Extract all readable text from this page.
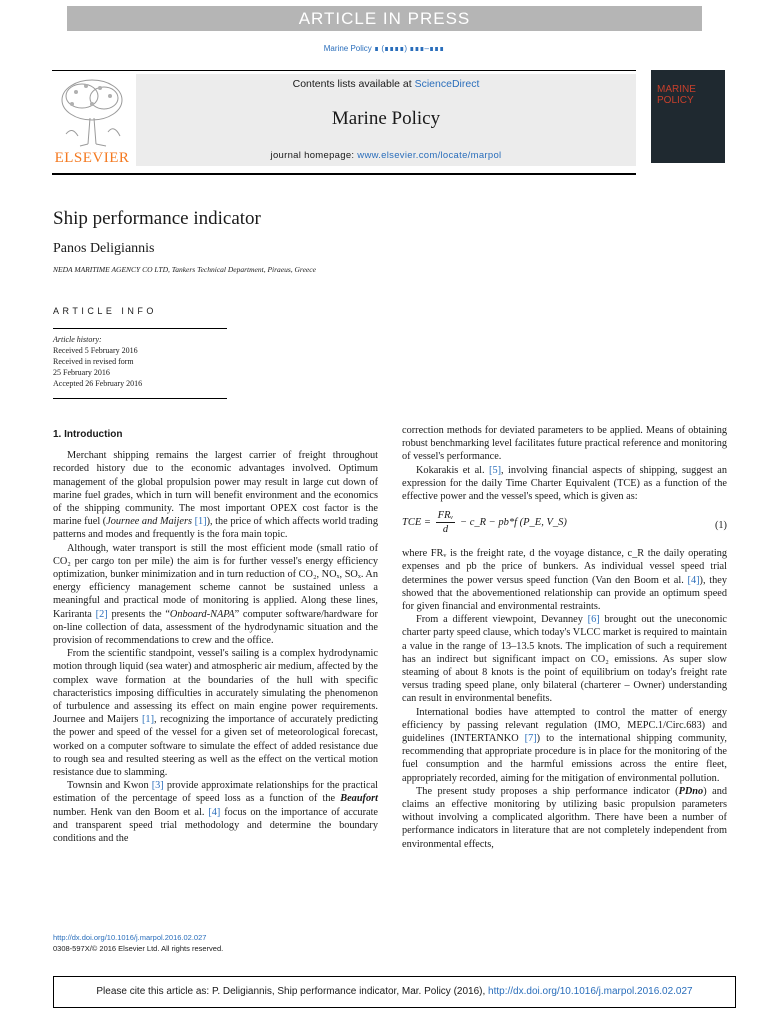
ARTICLE IN PRESS
Marine Policy ∎ (∎∎∎∎) ∎∎∎–∎∎∎
ELSEVIER
Contents lists available at ScienceDirect
Marine Policy
journal homepage: www.elsevier.com/locate/marpol
MARINE
POLICY
Ship performance indicator
Panos Deligiannis
NEDA MARITIME AGENCY CO LTD, Tankers Technical Department, Piraeus, Greece
ARTICLE INFO
Article history:
Received 5 February 2016
Received in revised form
25 February 2016
Accepted 26 February 2016

1. Introduction

Merchant shipping remains the largest carrier of freight throughout recorded history due to the economic advantages involved. Optimum management of the global propulsion power may result in large cut down of marine fuel grades, which in turn will benefit environment and the economics of the shipping community. The most important OPEX cost factor is the marine fuel (Journee and Maijers [1]), the price of which affects world trading patterns and modes and frequently is the fora main topic.

Although, water transport is still the most efficient mode (small ratio of CO₂ per cargo ton per mile) the aim is for further vessel's energy efficiency optimization, bunker minimization and in turn reduction of CO₂, NOₓ, SOₓ. An energy efficiency management scheme cannot be sustained unless a meaningful and practical mode of monitoring is applied. Along these lines, Kariranta [2] presents the “Onboard-NAPA” computer software/hardware for on-line collection of data, assessment of the hydrodynamic situation and the provision of recommendations to crew and the office.

From the scientific standpoint, vessel's sailing is a complex hydrodynamic motion through liquid (sea water) and atmospheric air medium, affected by the complex wave formation at the boundaries of the hull with specific characteristics imposing difficulties in accurately simulating the phenomenon of turbulence and assessing its effect on main engine power requirements. Journee and Maijers [1], recognizing the importance of accurately predicting the power and speed of the vessel for a given set of meteorological forecast, worked on a computer software to simulate the effect of added resistance due to rough sea and resulted steering as well as the effect on the vertical motion resistance due to slamming.

Townsin and Kwon [3] provide approximate relationships for the practical estimation of the percentage of speed loss as a function of the Beaufort number. Henk van den Boom et al. [4] focus on the importance of accurate and transparent speed trial methodology and determine the boundary conditions and the

correction methods for deviated parameters to be applied. Means of obtaining robust benchmarking level facilitates future practical reference and monitoring of vessel's performance.

Kokarakis et al. [5], involving financial aspects of shipping, suggest an expression for the daily Time Charter Equivalent (TCE) as a function of the effective power and the vessel's speed, which is given as:

TCE = $\frac{\text{FRᵥ}}{d}$ − c_R − pb*f (P_E, V_S)	(1)

where FRᵥ is the freight rate, d the voyage distance, c_R the daily operating expenses and pb the price of bunkers. As individual vessel speed trial determines the power versus speed function (Van den Boom et al. [4]), they showed that the abovementioned relationship can provide an optimum speed for given financial and environmental restraints.

From a different viewpoint, Devanney [6] brought out the uneconomic charter party speed clause, which today's VLCC market is required to maintain a value in the range of 13–13.5 knots. The implication of such a requirement has an indirect but significant impact on CO₂ emissions. As super slow steaming of about 8 knots is the point of equilibrium on today's freight rate versus trading speed plane, only bilateral (charterer – Owner) understanding can result in environmental benefits.

International bodies have attempted to control the matter of energy efficiency by passing relevant regulation (IMO, MEPC.1/Circ.683) and guidelines (INTERTANKO [7]) to the international shipping community, recommending that appropriate procedure is in place for the monitoring of the fuel consumption and the harmful emissions across the entire fleet, appropriately recorded, aiming for the mitigation of environmental pollution.

The present study proposes a ship performance indicator (PDno) and claims an effective monitoring by utilizing basic propulsion parameters without involving a complicated algorithm. There have been a number of performance indicators in literature that are not completely independent from environmental effects,

http://dx.doi.org/10.1016/j.marpol.2016.02.027
0308-597X/© 2016 Elsevier Ltd. All rights reserved.
Please cite this article as: P. Deligiannis, Ship performance indicator, Mar. Policy (2016), http://dx.doi.org/10.1016/j.marpol.2016.02.027
